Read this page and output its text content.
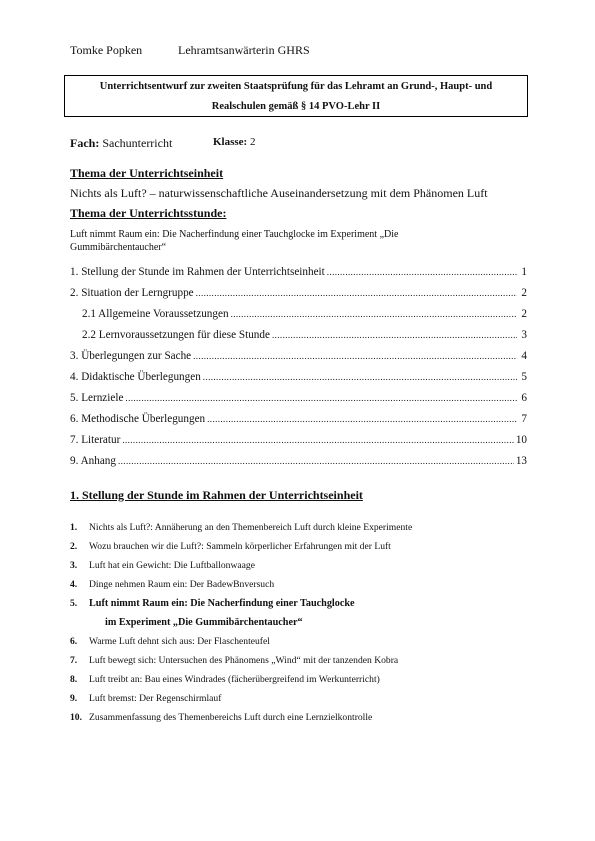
Tomke Popken	Lehramtsanwärterin GHRS
Unterrichtsentwurf zur zweiten Staatsprüfung für das Lehramt an Grund-, Haupt- und
Realschulen gemäß § 14 PVO-Lehr II
Fach: Sachunterricht	Klasse: 2
Thema der Unterrichtseinheit
Nichts als Luft? – naturwissenschaftliche Auseinandersetzung mit dem Phänomen Luft
Thema der Unterrichtsstunde:
Luft nimmt Raum ein: Die Nacherfindung einer Tauchglocke im Experiment „Die Gummibärchentaucher“
1. Stellung der Stunde im Rahmen der Unterrichtseinheit .....	1
2. Situation der Lerngruppe .....	2
2.1 Allgemeine Voraussetzungen .....	2
2.2 Lernvoraussetzungen für diese Stunde .....	3
3. Überlegungen zur Sache .....	4
4. Didaktische Überlegungen .....	5
5. Lernziele .....	6
6. Methodische Überlegungen .....	7
7. Literatur .....	10
9. Anhang .....	13
1. Stellung der Stunde im Rahmen der Unterrichtseinheit
1.	Nichts als Luft?: Annäherung an den Themenbereich Luft durch kleine Experimente
2.	Wozu brauchen wir die Luft?: Sammeln körperlicher Erfahrungen mit der Luft
3.	Luft hat ein Gewicht: Die Luftballonwaage
4.	Dinge nehmen Raum ein: Der BadewBnversuch
5.	Luft nimmt Raum ein: Die Nacherfindung einer Tauchglocke
im Experiment „Die Gummibärchentaucher“
6.	Warme Luft dehnt sich aus: Der Flaschenteufel
7.	Luft bewegt sich: Untersuchen des Phänomens „Wind“ mit der tanzenden Kobra
8.	Luft treibt an: Bau eines Windrades (fächerübergreifend im Werkunterricht)
9.	Luft bremst: Der Regenschirmlauf
10. Zusammenfassung des Themenbereichs Luft durch eine Lernzielkontrolle
